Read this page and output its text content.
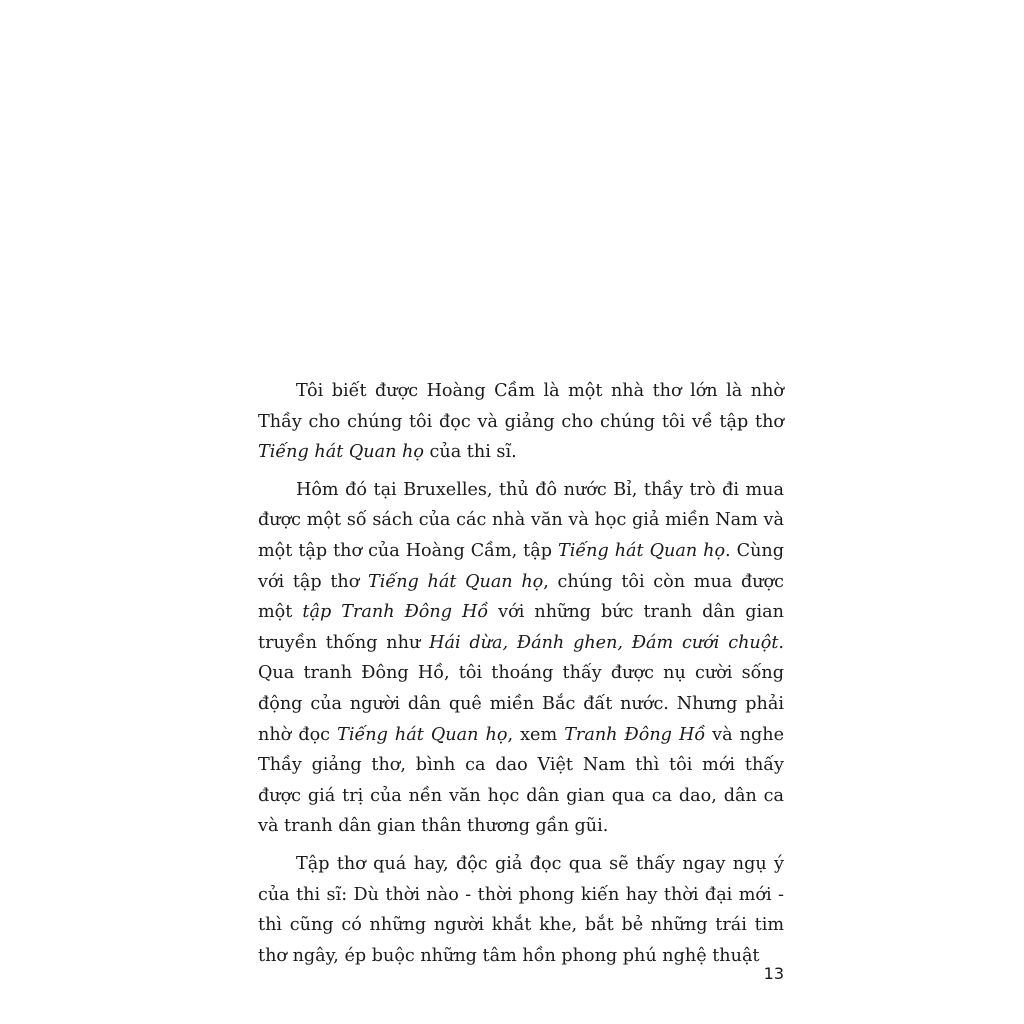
Tôi biết được Hoàng Cầm là một nhà thơ lớn là nhờ Thầy cho chúng tôi đọc và giảng cho chúng tôi về tập thơ Tiếng hát Quan họ của thi sĩ.

Hôm đó tại Bruxelles, thủ đô nước Bỉ, thầy trò đi mua được một số sách của các nhà văn và học giả miền Nam và một tập thơ của Hoàng Cầm, tập Tiếng hát Quan họ. Cùng với tập thơ Tiếng hát Quan họ, chúng tôi còn mua được một tập Tranh Đông Hồ với những bức tranh dân gian truyền thống như Hái dừa, Đánh ghen, Đám cưới chuột. Qua tranh Đông Hồ, tôi thoáng thấy được nụ cười sống động của người dân quê miền Bắc đất nước. Nhưng phải nhờ đọc Tiếng hát Quan họ, xem Tranh Đông Hồ và nghe Thầy giảng thơ, bình ca dao Việt Nam thì tôi mới thấy được giá trị của nền văn học dân gian qua ca dao, dân ca và tranh dân gian thân thương gần gũi.

Tập thơ quá hay, độc giả đọc qua sẽ thấy ngay ngụ ý của thi sĩ: Dù thời nào - thời phong kiến hay thời đại mới - thì cũng có những người khắt khe, bắt bẻ những trái tim thơ ngây, ép buộc những tâm hồn phong phú nghệ thuật

13
